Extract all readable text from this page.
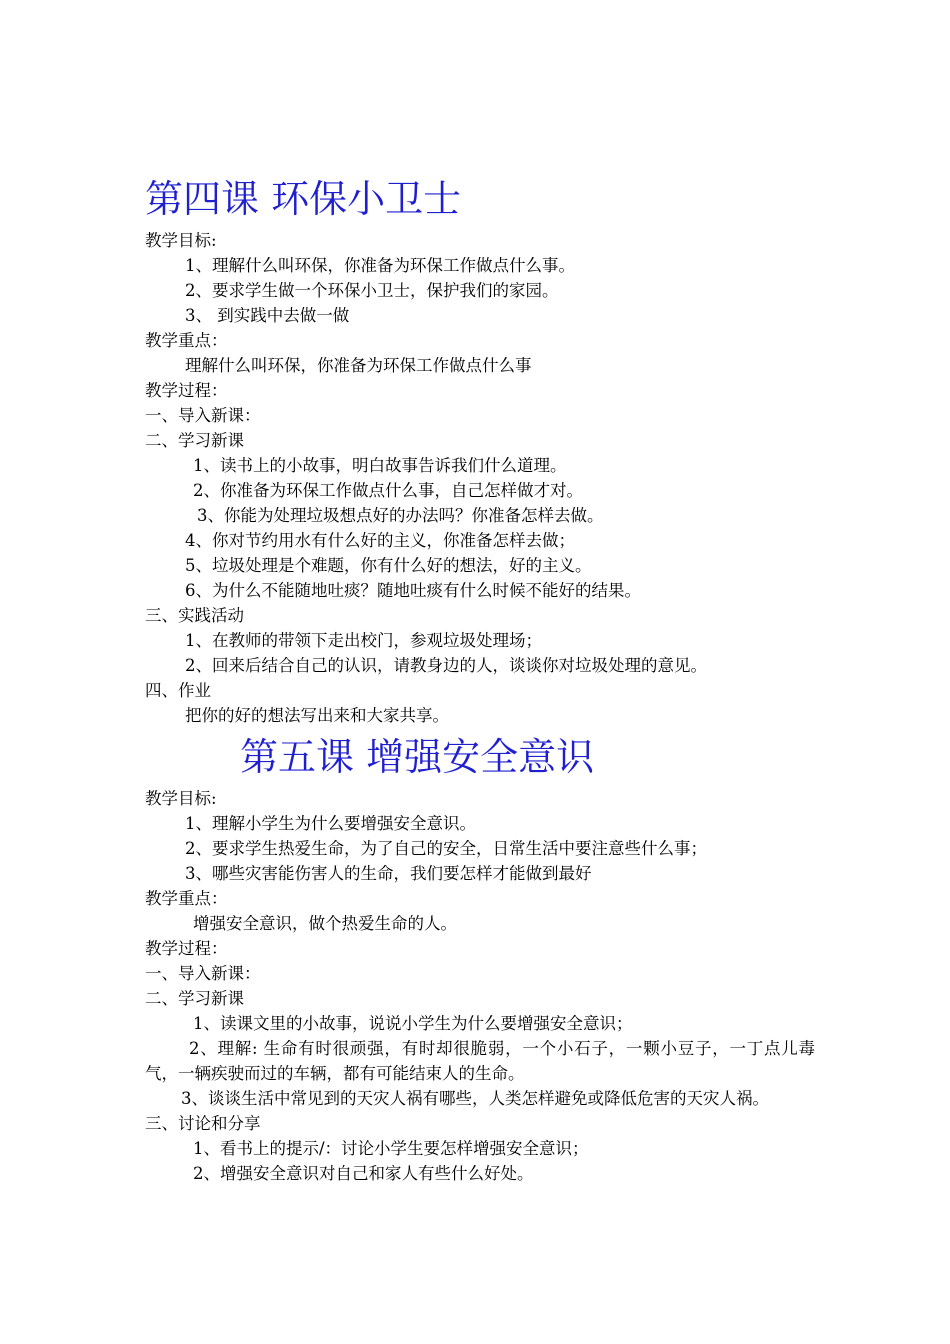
第四课 环保小卫士

教学目标:

1、理解什么叫环保，你准备为环保工作做点什么事。

2、要求学生做一个环保小卫士，保护我们的家园。

3、 到实践中去做一做

教学重点：

理解什么叫环保，你准备为环保工作做点什么事

教学过程：

一、导入新课：

二、学习新课

1、读书上的小故事，明白故事告诉我们什么道理。

2、你准备为环保工作做点什么事，自己怎样做才对。

3、你能为处理垃圾想点好的办法吗？你准备怎样去做。

4、你对节约用水有什么好的主义，你准备怎样去做；

5、垃圾处理是个难题，你有什么好的想法，好的主义。

6、为什么不能随地吐痰？随地吐痰有什么时候不能好的结果。

三、实践活动

1、在教师的带领下走出校门，参观垃圾处理场；

2、回来后结合自己的认识，请教身边的人，谈谈你对垃圾处理的意见。

四、作业

把你的好的想法写出来和大家共享。

第五课 增强安全意识

教学目标:

1、理解小学生为什么要增强安全意识。

2、要求学生热爱生命，为了自己的安全，日常生活中要注意些什么事；

3、哪些灾害能伤害人的生命，我们要怎样才能做到最好

教学重点：

增强安全意识，做个热爱生命的人。

教学过程：

一、导入新课：

二、学习新课

1、读课文里的小故事，说说小学生为什么要增强安全意识；

2、理解: 生命有时很顽强，有时却很脆弱，一个小石子，一颗小豆子，一丁点儿毒气，一辆疾驶而过的车辆，都有可能结束人的生命。

3、谈谈生活中常见到的天灾人祸有哪些，人类怎样避免或降低危害的天灾人祸。

三、讨论和分享

1、看书上的提示/：讨论小学生要怎样增强安全意识；

2、增强安全意识对自己和家人有些什么好处。
